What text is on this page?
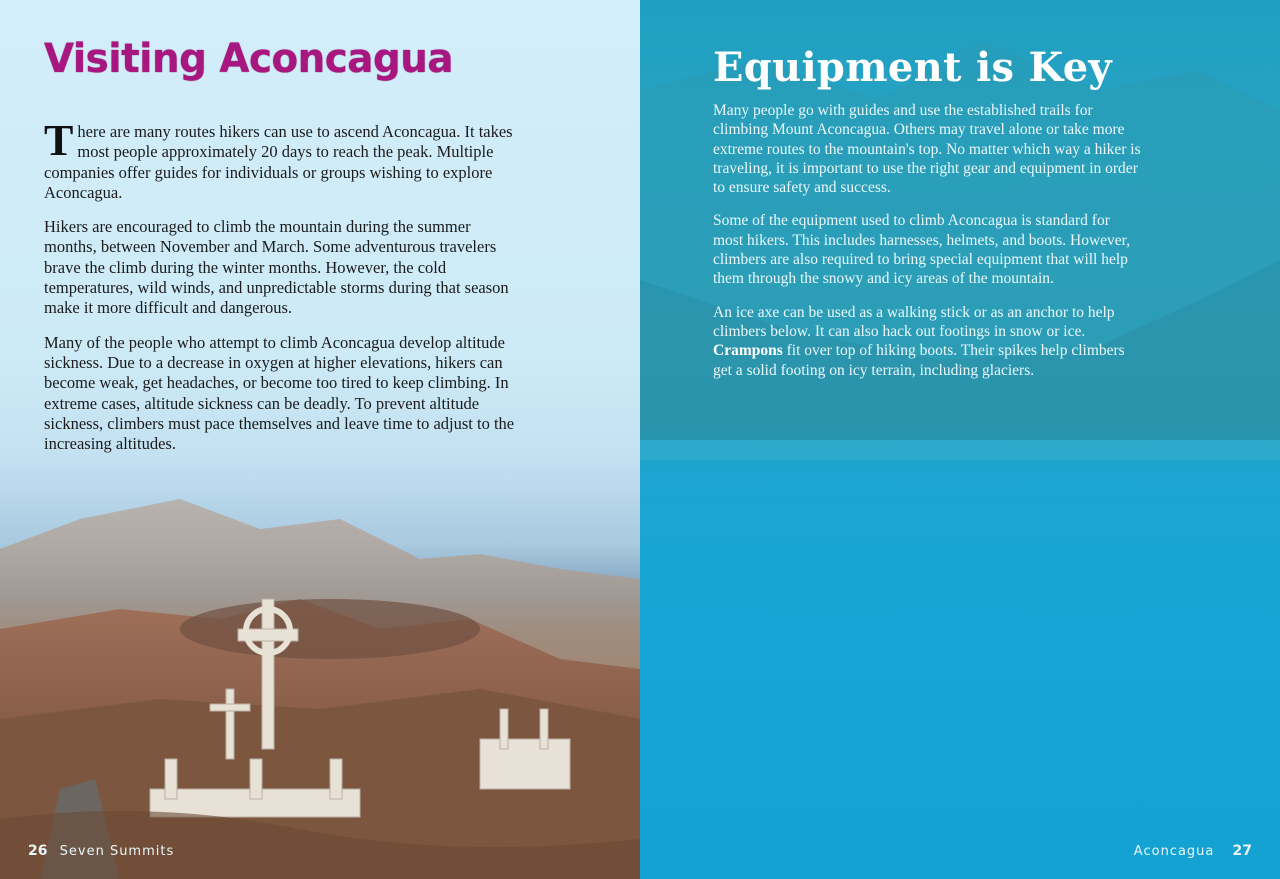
Visiting Aconcagua

There are many routes hikers can use to ascend Aconcagua. It takes most people approximately 20 days to reach the peak. Multiple companies offer guides for individuals or groups wishing to explore Aconcagua.

Hikers are encouraged to climb the mountain during the summer months, between November and March. Some adventurous travelers brave the climb during the winter months. However, the cold temperatures, wild winds, and unpredictable storms during that season make it more difficult and dangerous.

Many of the people who attempt to climb Aconcagua develop altitude sickness. Due to a decrease in oxygen at higher elevations, hikers can become weak, get headaches, or become too tired to keep climbing. In extreme cases, altitude sickness can be deadly. To prevent altitude sickness, climbers must pace themselves and leave time to adjust to the increasing altitudes.

26 Seven Summits
Equipment is Key

Many people go with guides and use the established trails for climbing Mount Aconcagua. Others may travel alone or take more extreme routes to the mountain's top. No matter which way a hiker is traveling, it is important to use the right gear and equipment in order to ensure safety and success.

Some of the equipment used to climb Aconcagua is standard for most hikers. This includes harnesses, helmets, and boots. However, climbers are also required to bring special equipment that will help them through the snowy and icy areas of the mountain.

An ice axe can be used as a walking stick or as an anchor to help climbers below. It can also hack out footings in snow or ice. Crampons fit over top of hiking boots. Their spikes help climbers get a solid footing on icy terrain, including glaciers.

Aconcagua 27
